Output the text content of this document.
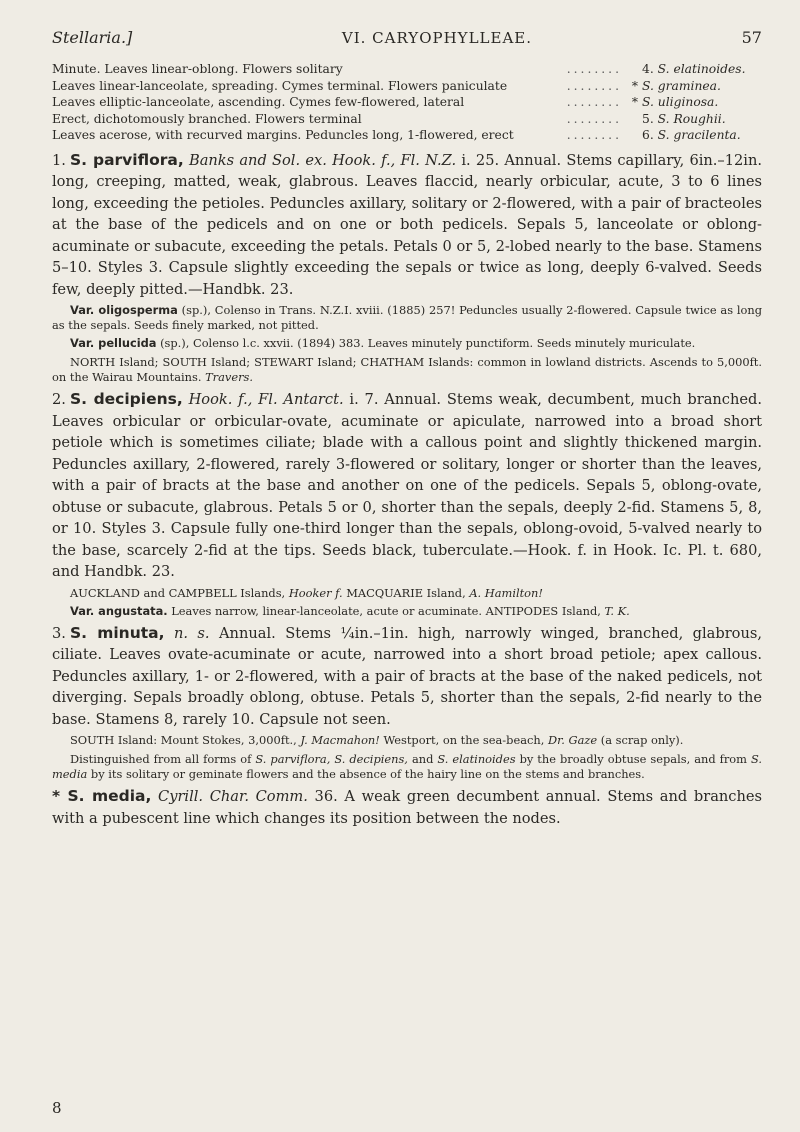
Stellaria.]	VI. CARYOPHYLLEAE.	57
Minute. Leaves linear-oblong. Flowers solitary	........	4. S. elatinoides.
Leaves linear-lanceolate, spreading. Cymes terminal. Flowers paniculate	........ * S. graminea.
Leaves elliptic-lanceolate, ascending. Cymes few-flowered, lateral	........ * S. uliginosa.
Erect, dichotomously branched. Flowers terminal	........	5. S. Roughii.
Leaves acerose, with recurved margins. Peduncles long, 1-flowered, erect	........	6. S. gracilenta.
1. S. parviflora, Banks and Sol. ex. Hook. f., Fl. N.Z. i. 25. Annual. Stems capillary, 6in.–12in. long, creeping, matted, weak, glabrous. Leaves flaccid, nearly orbicular, acute, 3 to 6 lines long, exceeding the petioles. Peduncles axillary, solitary or 2-flowered, with a pair of bracteoles at the base of the pedicels and on one or both pedicels. Sepals 5, lanceolate or oblong-acuminate or subacute, exceeding the petals. Petals 0 or 5, 2-lobed nearly to the base. Stamens 5–10. Styles 3. Capsule slightly exceeding the sepals or twice as long, deeply 6-valved. Seeds few, deeply pitted.—Handbk. 23.
Var. oligosperma (sp.), Colenso in Trans. N.Z.I. xviii. (1885) 257! Peduncles usually 2-flowered. Capsule twice as long as the sepals. Seeds finely marked, not pitted.
Var. pellucida (sp.), Colenso l.c. xxvii. (1894) 383. Leaves minutely punctiform. Seeds minutely muriculate.
NORTH Island; SOUTH Island; STEWART Island; CHATHAM Islands: common in lowland districts. Ascends to 5,000ft. on the Wairau Mountains. Travers.
2. S. decipiens, Hook. f., Fl. Antarct. i. 7. Annual. Stems weak, decumbent, much branched. Leaves orbicular or orbicular-ovate, acuminate or apiculate, narrowed into a broad short petiole which is sometimes ciliate; blade with a callous point and slightly thickened margin. Peduncles axillary, 2-flowered, rarely 3-flowered or solitary, longer or shorter than the leaves, with a pair of bracts at the base and another on one of the pedicels. Sepals 5, oblong-ovate, obtuse or subacute, glabrous. Petals 5 or 0, shorter than the sepals, deeply 2-fid. Stamens 5, 8, or 10. Styles 3. Capsule fully one-third longer than the sepals, oblong-ovoid, 5-valved nearly to the base, scarcely 2-fid at the tips. Seeds black, tuberculate.—Hook. f. in Hook. Ic. Pl. t. 680, and Handbk. 23.
AUCKLAND and CAMPBELL Islands, Hooker f. MACQUARIE Island, A. Hamilton!
Var. angustata. Leaves narrow, linear-lanceolate, acute or acuminate. ANTIPODES Island, T. K.
3. S. minuta, n. s. Annual. Stems ¼in.–1in. high, narrowly winged, branched, glabrous, ciliate. Leaves ovate-acuminate or acute, narrowed into a short broad petiole; apex callous. Peduncles axillary, 1- or 2-flowered, with a pair of bracts at the base of the naked pedicels, not diverging. Sepals broadly oblong, obtuse. Petals 5, shorter than the sepals, 2-fid nearly to the base. Stamens 8, rarely 10. Capsule not seen.
SOUTH Island: Mount Stokes, 3,000ft., J. Macmahon! Westport, on the sea-beach, Dr. Gaze (a scrap only).
Distinguished from all forms of S. parviflora, S. decipiens, and S. elatinoides by the broadly obtuse sepals, and from S. media by its solitary or geminate flowers and the absence of the hairy line on the stems and branches.
* S. media, Cyrill. Char. Comm. 36. A weak green decumbent annual. Stems and branches with a pubescent line which changes its position between the nodes.
8
